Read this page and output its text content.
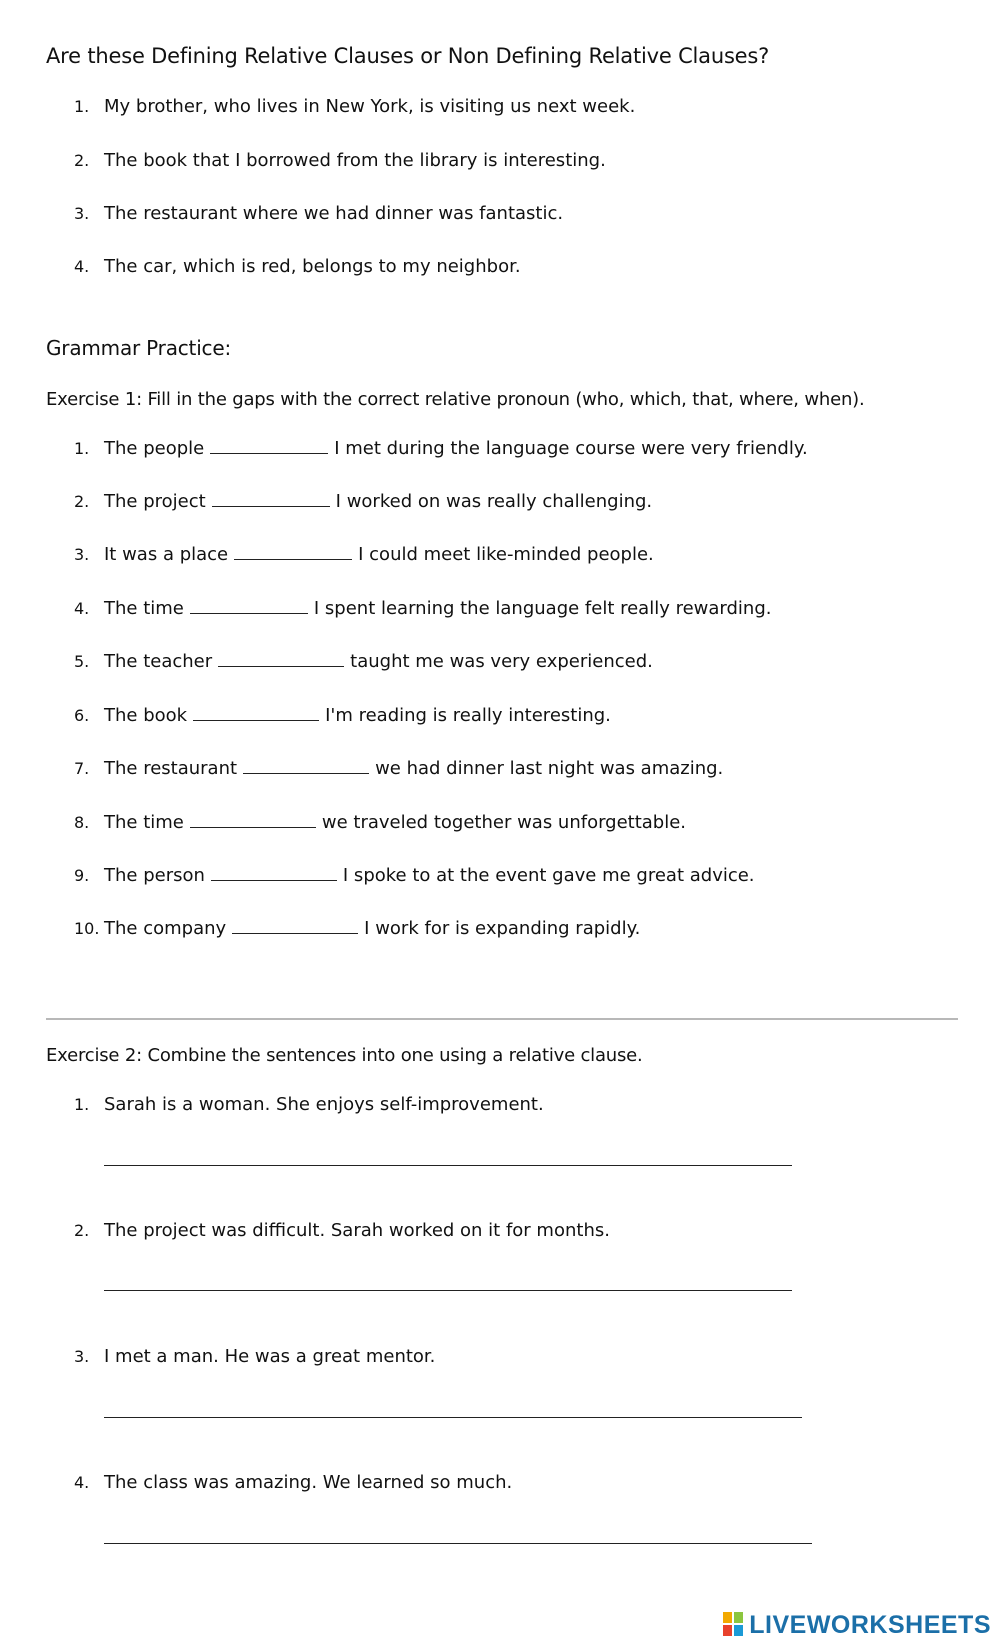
Are these Defining Relative Clauses or Non Defining Relative Clauses?
1. My brother, who lives in New York, is visiting us next week.
2. The book that I borrowed from the library is interesting.
3. The restaurant where we had dinner was fantastic.
4. The car, which is red, belongs to my neighbor.
Grammar Practice:
Exercise 1: Fill in the gaps with the correct relative pronoun (who, which, that, where, when).
1. The people	I met during the language course were very friendly.
2. The project	I worked on was really challenging.
3. It was a place	I could meet like-minded people.
4. The time	I spent learning the language felt really rewarding.
5. The teacher	taught me was very experienced.
6. The book	I'm reading is really interesting.
7. The restaurant	we had dinner last night was amazing.
8. The time	we traveled together was unforgettable.
9. The person	I spoke to at the event gave me great advice.
10. The company	I work for is expanding rapidly.
Exercise 2: Combine the sentences into one using a relative clause.
1. Sarah is a woman. She enjoys self-improvement.
2. The project was difficult. Sarah worked on it for months.
3. I met a man. He was a great mentor.
4. The class was amazing. We learned so much.
LIVEWORKSHEETS
